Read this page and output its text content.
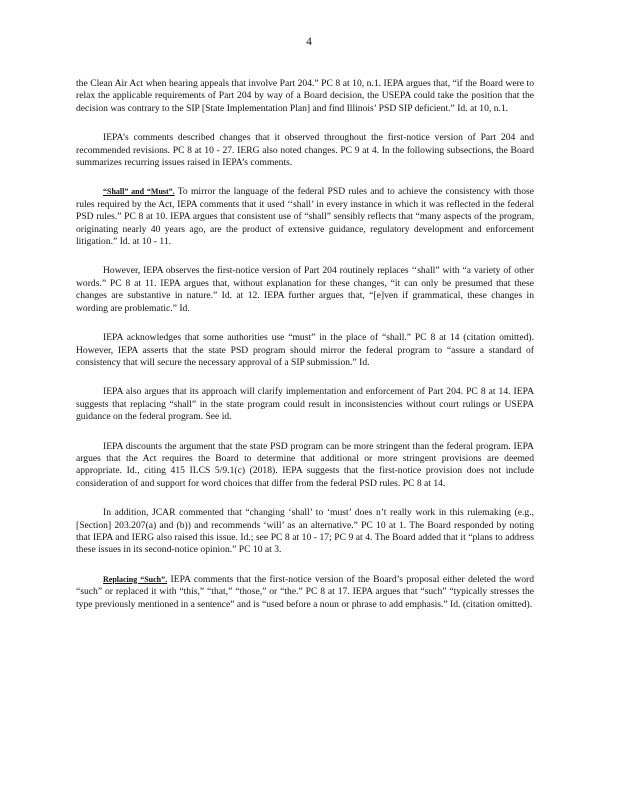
4

the Clean Air Act when hearing appeals that involve Part 204.” PC 8 at 10, n.1. IEPA argues that, “if the Board were to relax the applicable requirements of Part 204 by way of a Board decision, the USEPA could take the position that the decision was contrary to the SIP [State Implementation Plan] and find Illinois’ PSD SIP deficient.” Id. at 10, n.1.

IEPA’s comments described changes that it observed throughout the first-notice version of Part 204 and recommended revisions. PC 8 at 10 - 27. IERG also noted changes. PC 9 at 4. In the following subsections, the Board summarizes recurring issues raised in IEPA’s comments.

“Shall” and “Must”. To mirror the language of the federal PSD rules and to achieve the consistency with those rules required by the Act, IEPA comments that it used ‘‘shall’ in every instance in which it was reflected in the federal PSD rules.” PC 8 at 10. IEPA argues that consistent use of “shall” sensibly reflects that “many aspects of the program, originating nearly 40 years ago, are the product of extensive guidance, regulatory development and enforcement litigation.” Id. at 10 - 11.

However, IEPA observes the first-notice version of Part 204 routinely replaces ‘‘shall” with “a variety of other words.” PC 8 at 11. IEPA argues that, without explanation for these changes, “it can only be presumed that these changes are substantive in nature.” Id. at 12. IEPA further argues that, “[e]ven if grammatical, these changes in wording are problematic.” Id.

IEPA acknowledges that some authorities use “must” in the place of “shall.” PC 8 at 14 (citation omitted). However, IEPA asserts that the state PSD program should mirror the federal program to “assure a standard of consistency that will secure the necessary approval of a SIP submission.” Id.

IEPA also argues that its approach will clarify implementation and enforcement of Part 204. PC 8 at 14. IEPA suggests that replacing “shall” in the state program could result in inconsistencies without court rulings or USEPA guidance on the federal program. See id.

IEPA discounts the argument that the state PSD program can be more stringent than the federal program. IEPA argues that the Act requires the Board to determine that additional or more stringent provisions are deemed appropriate. Id., citing 415 ILCS 5/9.1(c) (2018). IEPA suggests that the first-notice provision does not include consideration of and support for word choices that differ from the federal PSD rules. PC 8 at 14.

In addition, JCAR commented that “changing ‘shall’ to ‘must’ does n’t really work in this rulemaking (e.g., [Section] 203.207(a) and (b)) and recommends ‘will’ as an alternative.” PC 10 at 1. The Board responded by noting that IEPA and IERG also raised this issue. Id.; see PC 8 at 10 - 17; PC 9 at 4. The Board added that it “plans to address these issues in its second-notice opinion.” PC 10 at 3.

Replacing “Such”. IEPA comments that the first-notice version of the Board’s proposal either deleted the word “such” or replaced it with “this,” “that,” “those,” or “the.” PC 8 at 17. IEPA argues that “such” “typically stresses the type previously mentioned in a sentence” and is “used before a noun or phrase to add emphasis.” Id. (citation omitted).
